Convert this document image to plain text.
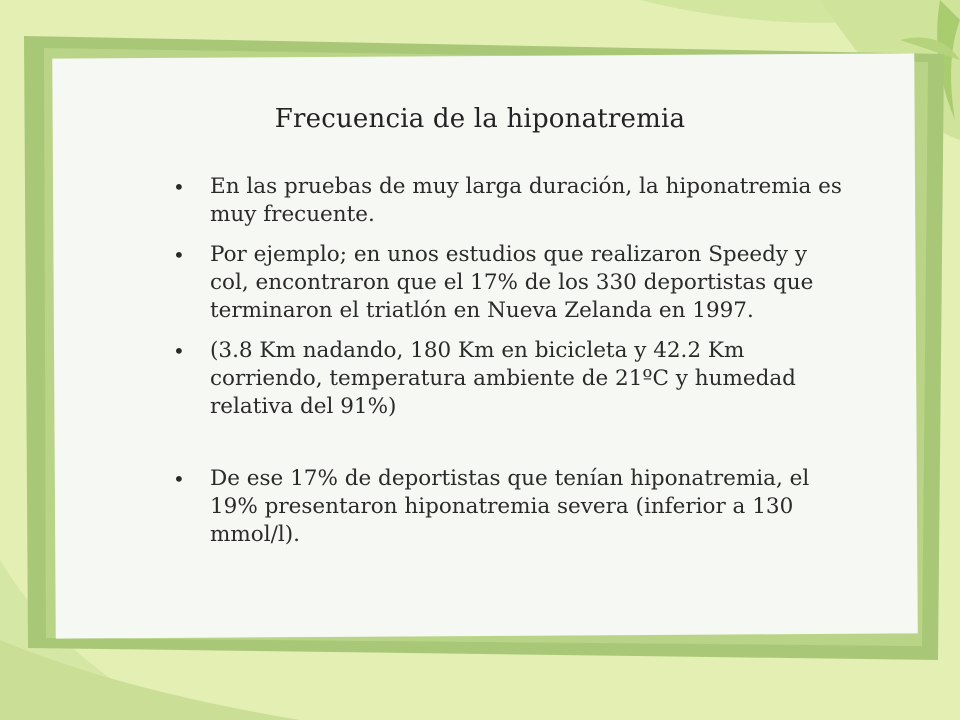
Frecuencia de la hiponatremia
• En las pruebas de muy larga duración, la hiponatremia es muy frecuente.
• Por ejemplo; en unos estudios que realizaron Speedy y col, encontraron que el 17% de los 330 deportistas que terminaron el triatlón en Nueva Zelanda en 1997.
• (3.8 Km nadando, 180 Km en bicicleta y 42.2 Km corriendo, temperatura ambiente de 21ºC y humedad relativa del 91%)
• De ese 17% de deportistas que tenían hiponatremia, el 19% presentaron hiponatremia severa (inferior a 130 mmol/l).
